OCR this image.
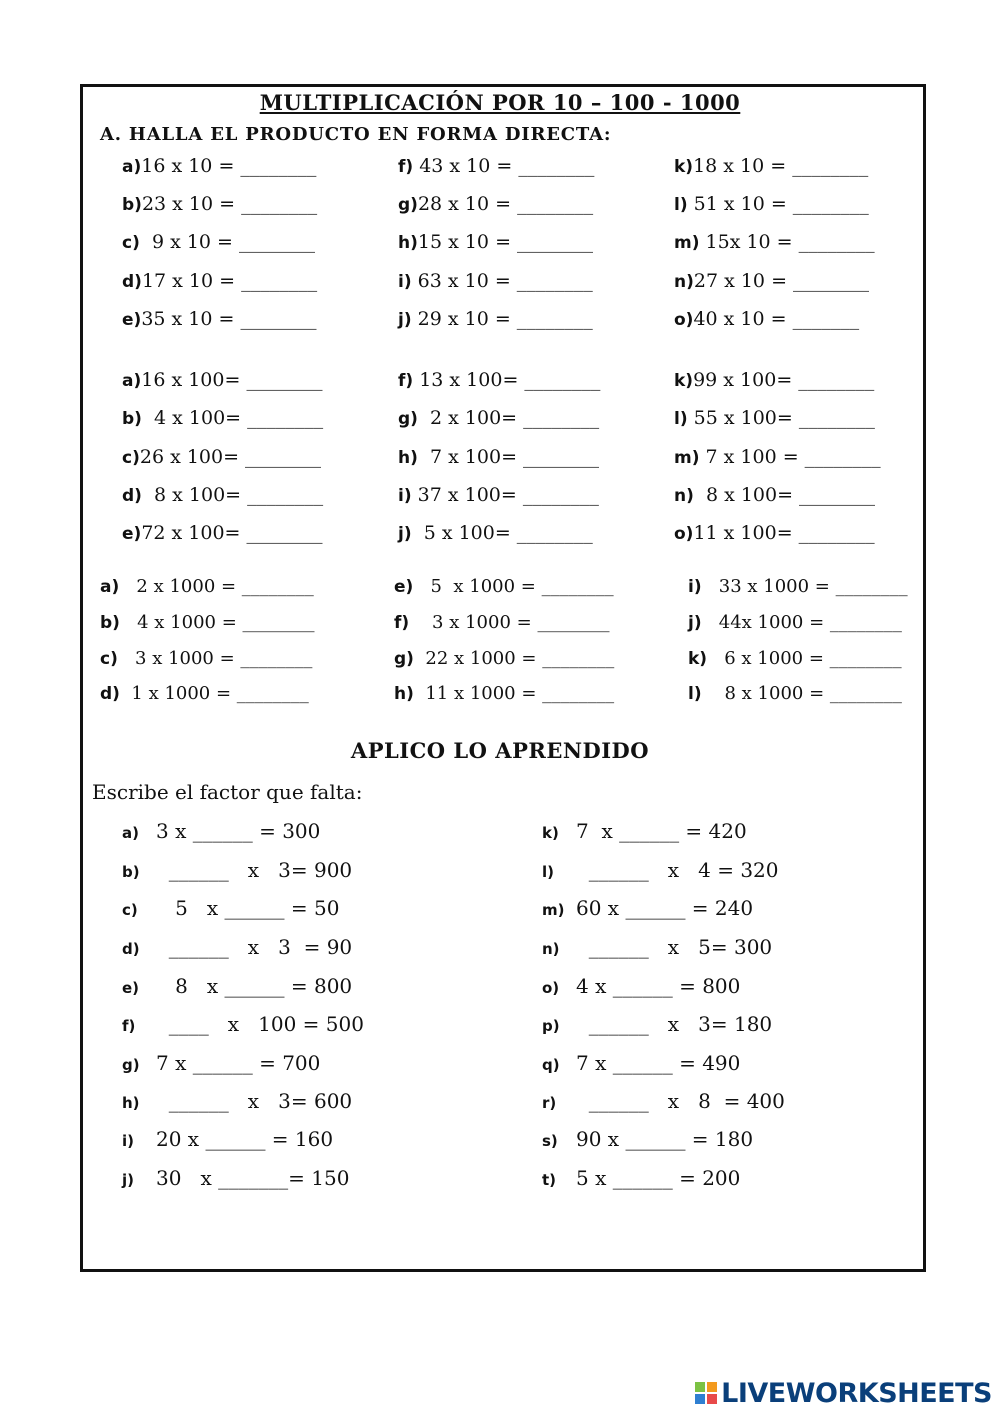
MULTIPLICACIÓN POR 10 – 100 - 1000
A. HALLA EL PRODUCTO EN FORMA DIRECTA:
a)16 x 10 = ________
b)23 x 10 = ________
c)  9 x 10 = ________
d)17 x 10 = ________
e)35 x 10 = ________
f) 43 x 10 = ________
g)28 x 10 = ________
h)15 x 10 = ________
i) 63 x 10 = ________
j) 29 x 10 = ________
k)18 x 10 = ________
l) 51 x 10 = ________
m) 15x 10 = ________
n)27 x 10 = ________
o)40 x 10 = _______
a)16 x 100= ________
b)  4 x 100= ________
c)26 x 100= ________
d)  8 x 100= ________
e)72 x 100= ________
f) 13 x 100= ________
g)  2 x 100= ________
h)  7 x 100= ________
i) 37 x 100= ________
j)  5 x 100= ________
k)99 x 100= ________
l) 55 x 100= ________
m) 7 x 100 = ________
n)  8 x 100= ________
o)11 x 100= ________
a)   2 x 1000 = ________
b)   4 x 1000 = ________
c)   3 x 1000 = ________
d)  1 x 1000 = ________
e)   5  x 1000 = ________
f)    3 x 1000 = ________
g)  22 x 1000 = ________
h)  11 x 1000 = ________
i)   33 x 1000 = ________
j)   44x 1000 = ________
k)   6 x 1000 = ________
l)    8 x 1000 = ________
APLICO LO APRENDIDO
Escribe el factor que falta:
a) 3 x ______ = 300
b)  ______   x   3= 900
c)   5   x ______ = 50
d)  ______   x   3  = 90
e)   8   x ______ = 800
f)  ____   x   100 = 500
g) 7 x ______ = 700
h)  ______   x   3= 600
i) 20 x ______ = 160
j) 30   x _______= 150
k) 7  x ______ = 420
l)  ______   x   4 = 320
m) 60 x ______ = 240
n)  ______   x   5= 300
o) 4 x ______ = 800
p)  ______   x   3= 180
q) 7 x ______ = 490
r)  ______   x   8  = 400
s) 90 x ______ = 180
t) 5 x ______ = 200
LIVEWORKSHEETS
